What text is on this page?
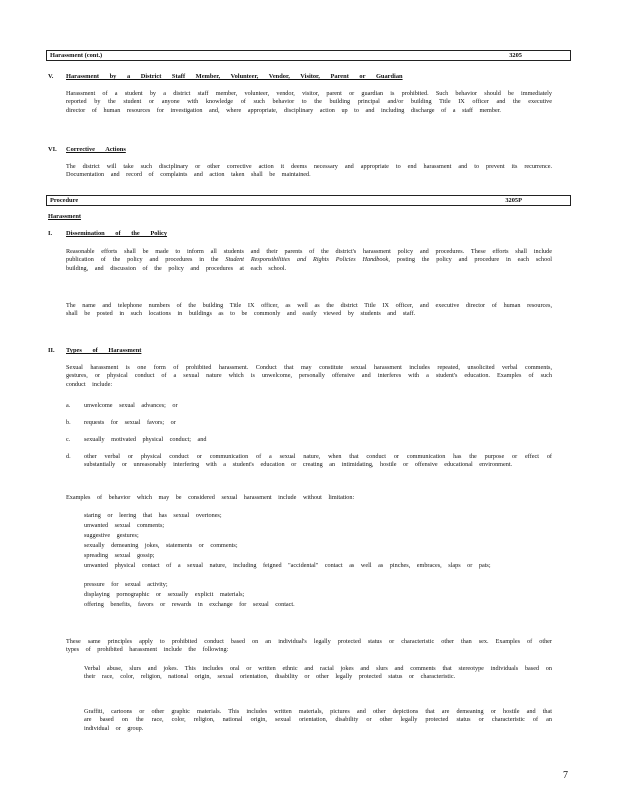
Harassment (cont.)	3205
V. Harassment by a District Staff Member, Volunteer, Vendor, Visitor, Parent or Guardian
Harassment of a student by a district staff member, volunteer, vendor, visitor, parent or guardian is prohibited. Such behavior should be immediately reported by the student or anyone with knowledge of such behavior to the building principal and/or building Title IX officer and the executive director of human resources for investigation and, where appropriate, disciplinary action up to and including discharge of a staff member.
VI. Corrective Actions
The district will take such disciplinary or other corrective action it deems necessary and appropriate to end harassment and to prevent its recurrence. Documentation and record of complaints and action taken shall be maintained.
Procedure	3205P
Harassment
I. Dissemination of the Policy
Reasonable efforts shall be made to inform all students and their parents of the district's harassment policy and procedures. These efforts shall include publication of the policy and procedures in the Student Responsibilities and Rights Policies Handbook, posting the policy and procedure in each school building, and discussion of the policy and procedures at each school.
The name and telephone numbers of the building Title IX officer, as well as the district Title IX officer, and executive director of human resources, shall be posted in such locations in buildings as to be commonly and easily viewed by students and staff.
II. Types of Harassment
Sexual harassment is one form of prohibited harassment. Conduct that may constitute sexual harassment includes repeated, unsolicited verbal comments, gestures, or physical conduct of a sexual nature which is unwelcome, personally offensive and interferes with a student's education. Examples of such conduct include:
a. unwelcome sexual advances; or
b. requests for sexual favors; or
c. sexually motivated physical conduct; and
d. other verbal or physical conduct or communication of a sexual nature, when that conduct or communication has the purpose or effect of substantially or unreasonably interfering with a student's education or creating an intimidating, hostile or offensive educational environment.
Examples of behavior which may be considered sexual harassment include without limitation:
staring or leering that has sexual overtones;
unwanted sexual comments;
suggestive gestures;
sexually demeaning jokes, statements or comments;
spreading sexual gossip;
unwanted physical contact of a sexual nature, including feigned "accidental" contact as well as pinches, embraces, slaps or pats;
pressure for sexual activity;
displaying pornographic or sexually explicit materials;
offering benefits, favors or rewards in exchange for sexual contact.
These same principles apply to prohibited conduct based on an individual's legally protected status or characteristic other than sex. Examples of other types of prohibited harassment include the following:
Verbal abuse, slurs and jokes. This includes oral or written ethnic and racial jokes and slurs and comments that stereotype individuals based on their race, color, religion, national origin, sexual orientation, disability or other legally protected status or characteristic.
Graffiti, cartoons or other graphic materials. This includes written materials, pictures and other depictions that are demeaning or hostile and that are based on the race, color, religion, national origin, sexual orientation, disability or other legally protected status or characteristic of an individual or group.
7
